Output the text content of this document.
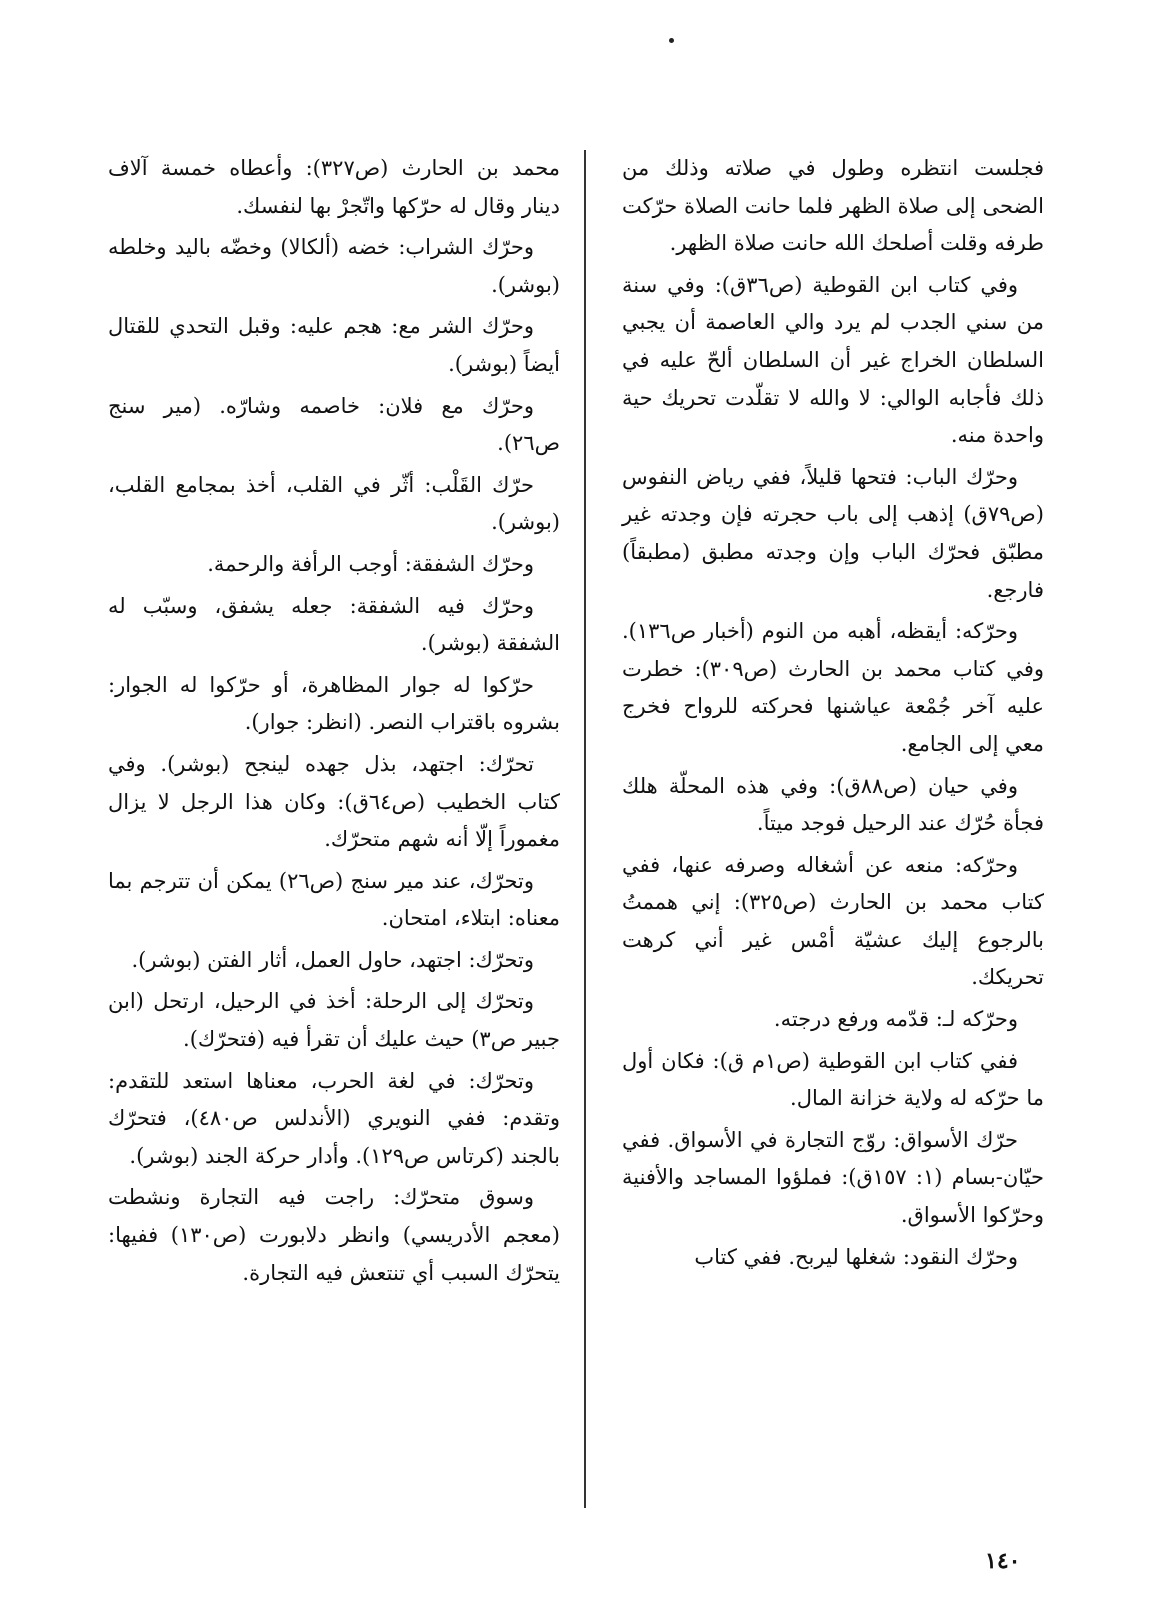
فجلست انتظره وطول في صلاته وذلك من الضحى إلى صلاة الظهر فلما حانت الصلاة حرّكت طرفه وقلت أصلحك الله حانت صلاة الظهر.

وفي كتاب ابن القوطية (ص٣٦ق): وفي سنة من سني الجدب لم يرد والي العاصمة أن يجبي السلطان الخراج غير أن السلطان ألحّ عليه في ذلك فأجابه الوالي: لا والله لا تقلّدت تحريك حية واحدة منه.

وحرّك الباب: فتحها قليلاً، ففي رياض النفوس (ص٧٩ق) إذهب إلى باب حجرته فإن وجدته غير مطبّق فحرّك الباب وإن وجدته مطبق (مطبقاً) فارجع.

وحرّكه: أيقظه، أهبه من النوم (أخبار ص١٣٦). وفي كتاب محمد بن الحارث (ص٣٠٩): خطرت عليه آخر جُمْعة عياشنها فحركته للرواح فخرج معي إلى الجامع.

وفي حيان (ص٨٨ق): وفي هذه المحلّة هلك فجأة حُرّك عند الرحيل فوجد ميتاً.

وحرّكه: منعه عن أشغاله وصرفه عنها، ففي كتاب محمد بن الحارث (ص٣٢٥): إني هممتُ بالرجوع إليك عشيّة أمْس غير أني كرهت تحريكك.

وحرّكه لـ: قدّمه ورفع درجته.

ففي كتاب ابن القوطية (ص١م ق): فكان أول ما حرّكه له ولاية خزانة المال.

حرّك الأسواق: روّج التجارة في الأسواق. ففي حيّان-بسام (١: ١٥٧ق): فملؤوا المساجد والأفنية وحرّكوا الأسواق.

وحرّك النقود: شغلها ليربح. ففي كتاب

محمد بن الحارث (ص٣٢٧): وأعطاه خمسة آلاف دينار وقال له حرّكها واتّجرْ بها لنفسك.

وحرّك الشراب: خضه (ألكالا) وخضّه باليد وخلطه (بوشر).

وحرّك الشر مع: هجم عليه: وقبل التحدي للقتال أيضاً (بوشر).

وحرّك مع فلان: خاصمه وشارّه. (مير سنج ص٢٦).

حرّك القَلْب: أثّر في القلب، أخذ بمجامع القلب، (بوشر).

وحرّك الشفقة: أوجب الرأفة والرحمة.

وحرّك فيه الشفقة: جعله يشفق، وسبّب له الشفقة (بوشر).

حرّكوا له جوار المظاهرة، أو حرّكوا له الجوار: بشروه باقتراب النصر. (انظر: جوار).

تحرّك: اجتهد، بذل جهده لينجح (بوشر). وفي كتاب الخطيب (ص٦٤ق): وكان هذا الرجل لا يزال مغموراً إلّا أنه شهم متحرّك.

وتحرّك، عند مير سنج (ص٢٦) يمكن أن تترجم بما معناه: ابتلاء، امتحان.

وتحرّك: اجتهد، حاول العمل، أثار الفتن (بوشر).

وتحرّك إلى الرحلة: أخذ في الرحيل، ارتحل (ابن جبير ص٣) حيث عليك أن تقرأ فيه (فتحرّك).

وتحرّك: في لغة الحرب، معناها استعد للتقدم: وتقدم: ففي النويري (الأندلس ص٤٨٠)، فتحرّك بالجند (كرتاس ص١٢٩). وأدار حركة الجند (بوشر).

وسوق متحرّك: راجت فيه التجارة ونشطت (معجم الأدريسي) وانظر دلابورت (ص١٣٠) ففيها: يتحرّك السبب أي تنتعش فيه التجارة.

١٤٠
